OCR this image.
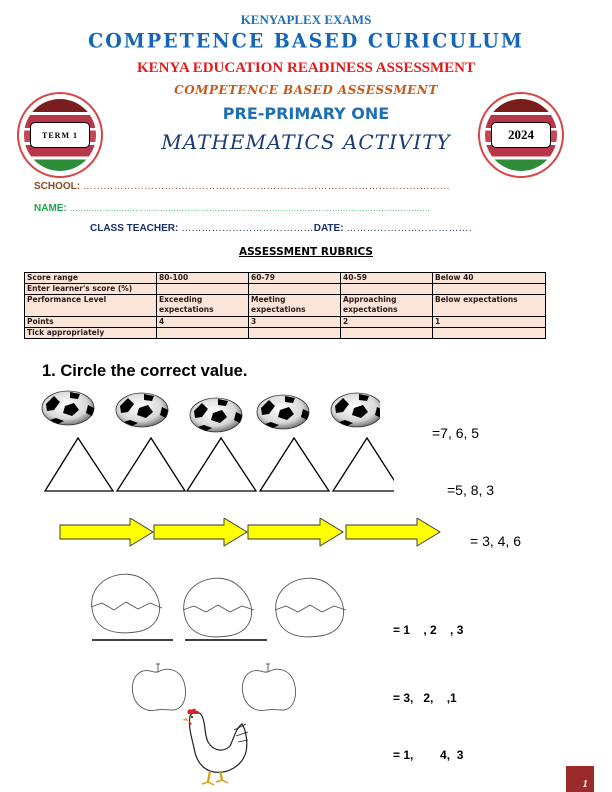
KENYAPLEX EXAMS
COMPETENCE BASED CURICULUM
KENYA EDUCATION READINESS ASSESSMENT
COMPETENCE BASED ASSESSMENT
PRE-PRIMARY ONE
MATHEMATICS ACTIVITY
TERM 1	2024
SCHOOL: ………………………………………………………………………………………………
NAME: ……………………………………………………………………………………………………………………
CLASS TEACHER: …………………………………DATE: ……………………………….
ASSESSMENT RUBRICS
Score range	80-100	60-79	40-59	Below 40
Enter learner's score (%)				
Performance Level	Exceeding expectations	Meeting expectations	Approaching expectations	Below expectations
Points	4	3	2	1
Tick appropriately				
1. Circle the correct value.
=7, 6, 5
=5, 8, 3
= 3, 4, 6
= 1    , 2    , 3
= 3,   2,    ,1
= 1,        4,  3
1
